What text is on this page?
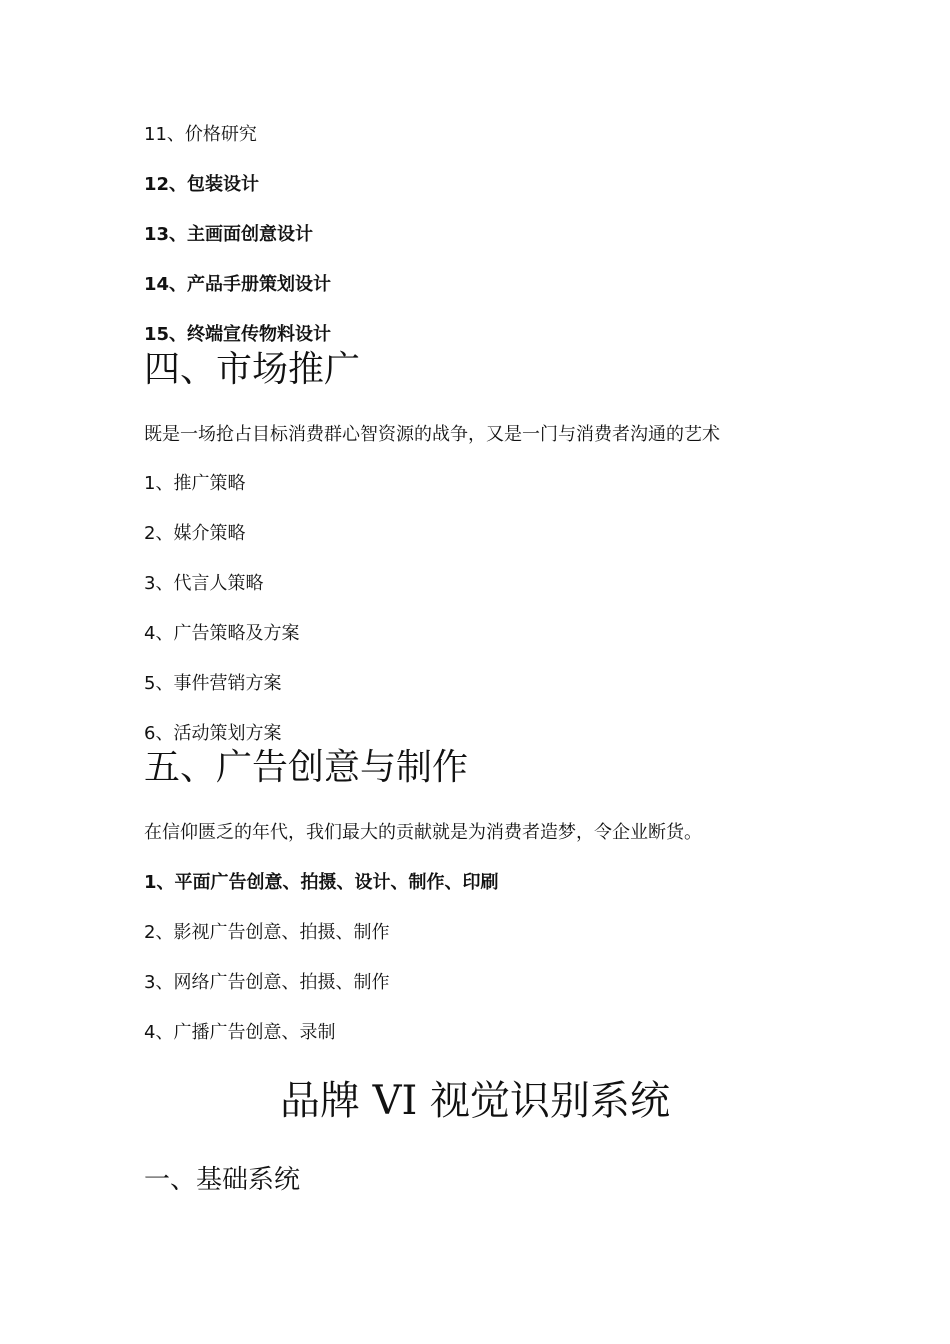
11、价格研究
12、包装设计
13、主画面创意设计
14、产品手册策划设计
15、终端宣传物料设计
四、市场推广
既是一场抢占目标消费群心智资源的战争，又是一门与消费者沟通的艺术
1、推广策略
2、媒介策略
3、代言人策略
4、广告策略及方案
5、事件营销方案
6、活动策划方案
五、广告创意与制作
在信仰匮乏的年代，我们最大的贡献就是为消费者造梦，令企业断货。
1、平面广告创意、拍摄、设计、制作、印刷
2、影视广告创意、拍摄、制作
3、网络广告创意、拍摄、制作
4、广播广告创意、录制
品牌 VI 视觉识别系统
一、基础系统
